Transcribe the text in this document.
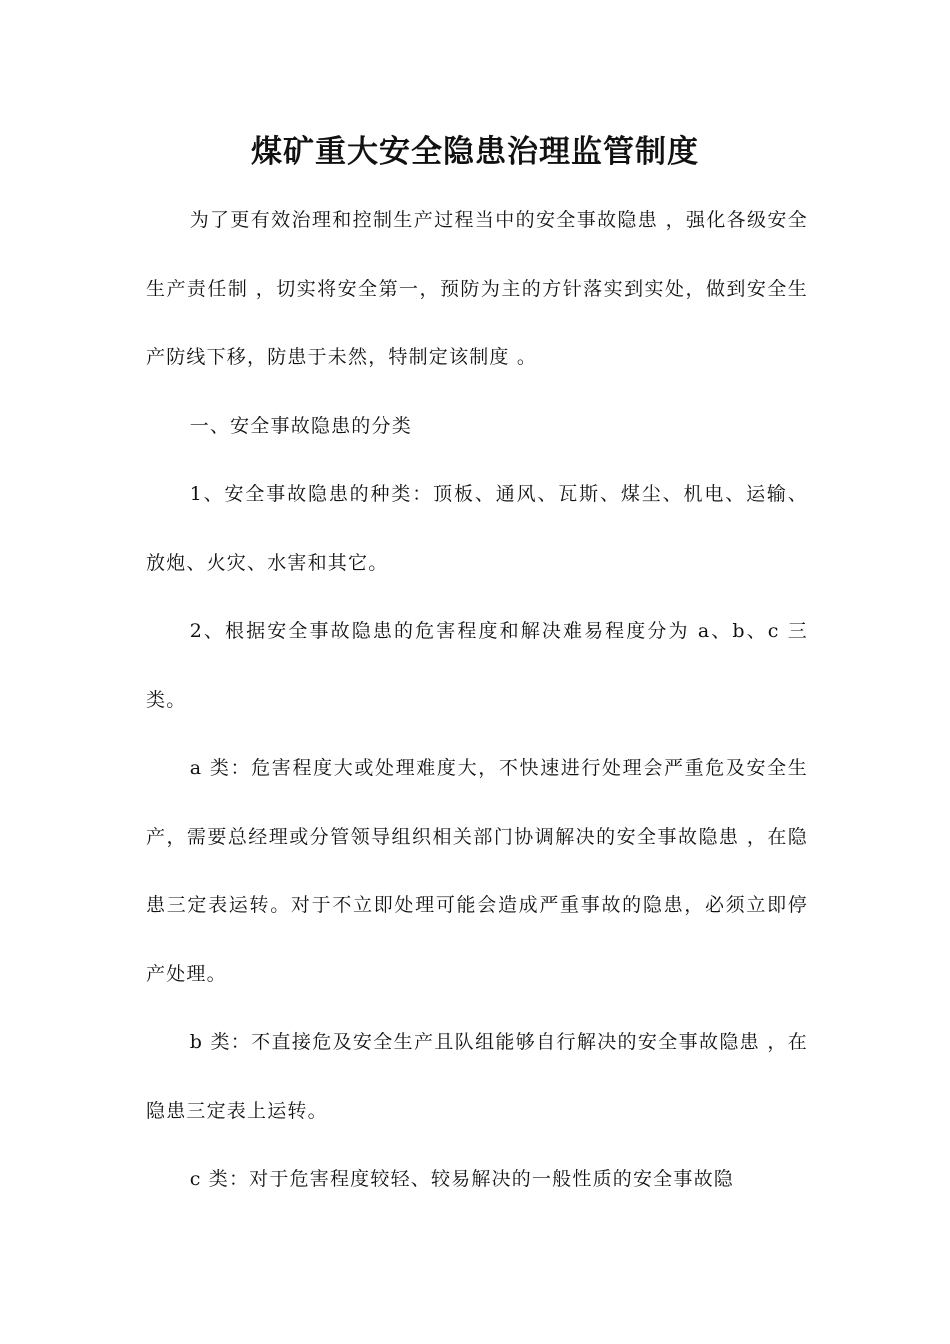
煤矿重大安全隐患治理监管制度

为了更有效治理和控制生产过程当中的安全事故隐患 ，强化各级安全生产责任制 ，切实将安全第一，预防为主的方针落实到实处，做到安全生产防线下移，防患于未然，特制定该制度 。

一、安全事故隐患的分类

1、安全事故隐患的种类：顶板、通风、瓦斯、煤尘、机电、运输、放炮、火灾、水害和其它。

2、根据安全事故隐患的危害程度和解决难易程度分为 a、b、c 三类。

a 类：危害程度大或处理难度大，不快速进行处理会严重危及安全生产，需要总经理或分管领导组织相关部门协调解决的安全事故隐患 ，在隐患三定表运转。对于不立即处理可能会造成严重事故的隐患，必须立即停产处理。

b 类：不直接危及安全生产且队组能够自行解决的安全事故隐患 ，在隐患三定表上运转。

c 类：对于危害程度较轻、较易解决的一般性质的安全事故隐
